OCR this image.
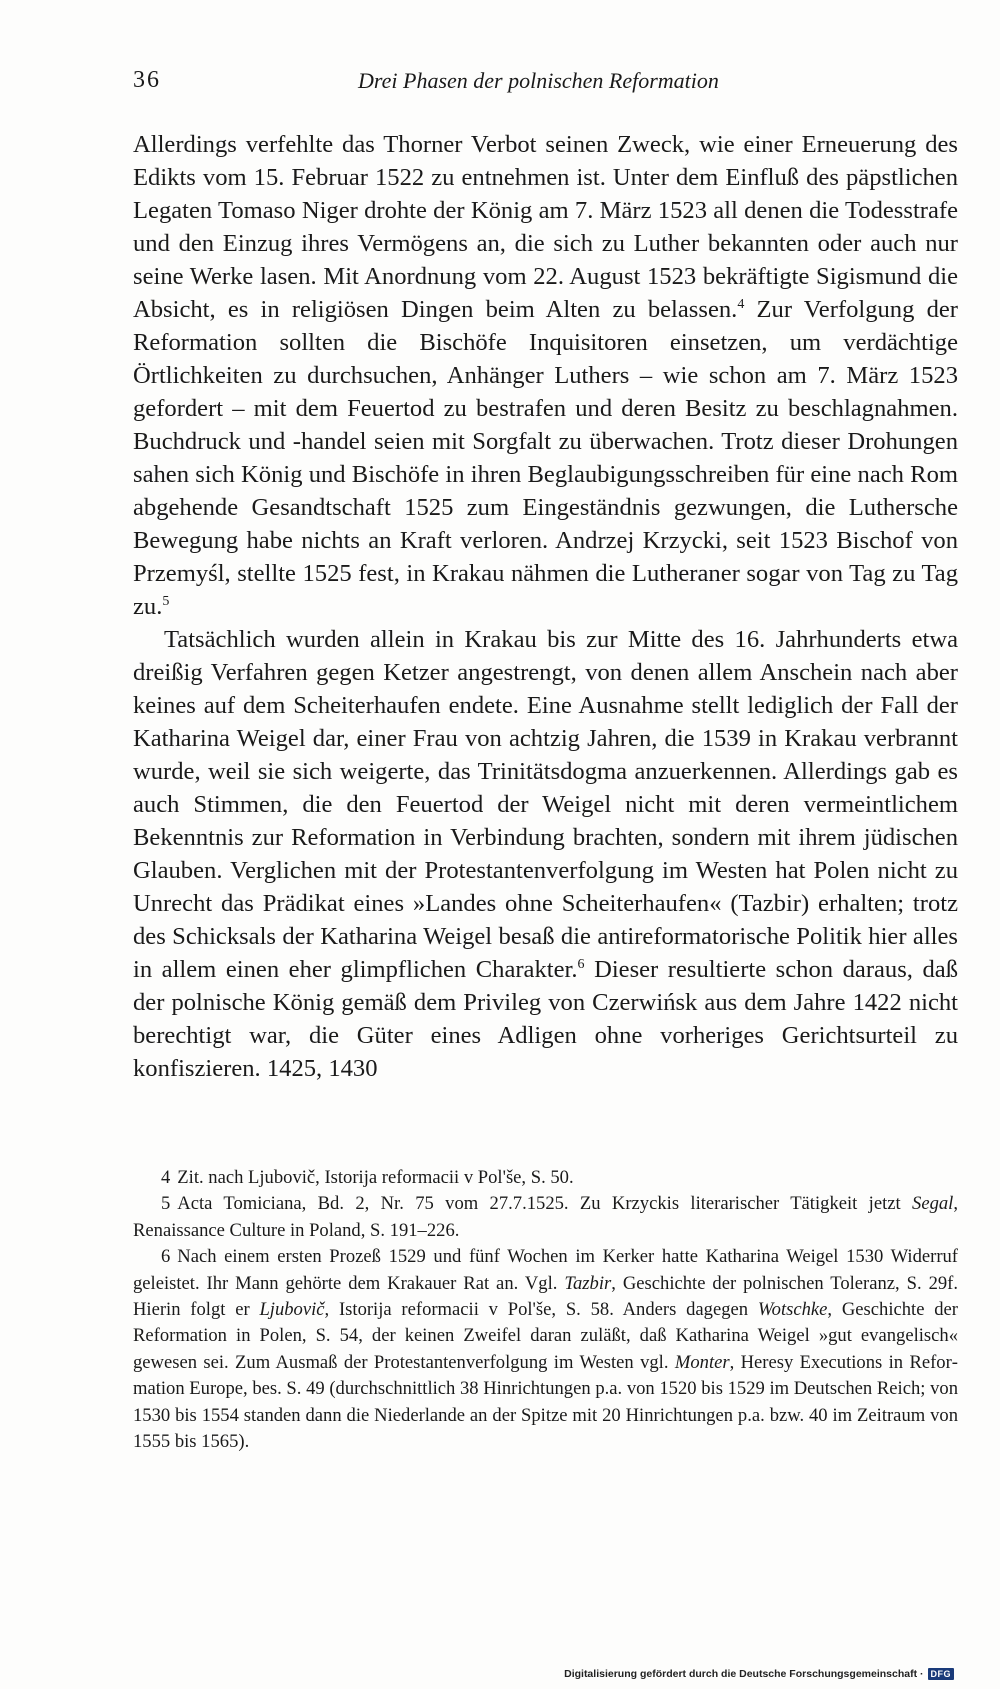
36	Drei Phasen der polnischen Reformation

Allerdings verfehlte das Thorner Verbot seinen Zweck, wie einer Erneuerung des Edikts vom 15. Februar 1522 zu entnehmen ist. Unter dem Einfluß des päpstlichen Legaten Tomaso Niger drohte der König am 7. März 1523 all denen die Todesstrafe und den Einzug ihres Vermögens an, die sich zu Luther bekannten oder auch nur seine Werke lasen. Mit Anordnung vom 22. August 1523 bekräftigte Sigismund die Absicht, es in religiösen Dingen beim Alten zu belassen.$^4$ Zur Verfolgung der Reformation sollten die Bischöfe Inquisitoren einsetzen, um verdächtige Örtlichkeiten zu durchsuchen, Anhänger Luthers – wie schon am 7. März 1523 gefordert – mit dem Feuertod zu bestrafen und deren Besitz zu beschlagnahmen. Buchdruck und -handel seien mit Sorgfalt zu überwachen. Trotz dieser Drohungen sahen sich König und Bischöfe in ihren Beglaubigungsschreiben für eine nach Rom abgehende Gesandtschaft 1525 zum Eingeständnis gezwungen, die Luthersche Bewegung habe nichts an Kraft verloren. Andrzej Krzycki, seit 1523 Bischof von Przemyśl, stellte 1525 fest, in Krakau nähmen die Lutheraner sogar von Tag zu Tag zu.$^5$

Tatsächlich wurden allein in Krakau bis zur Mitte des 16. Jahrhunderts etwa dreißig Verfahren gegen Ketzer angestrengt, von denen allem Anschein nach aber keines auf dem Scheiterhaufen endete. Eine Ausnahme stellt lediglich der Fall der Katharina Weigel dar, einer Frau von achtzig Jahren, die 1539 in Krakau verbrannt wurde, weil sie sich weigerte, das Trinitätsdogma anzuerkennen. Allerdings gab es auch Stimmen, die den Feuertod der Weigel nicht mit deren vermeintlichem Bekenntnis zur Reformation in Verbindung brachten, sondern mit ihrem jüdischen Glauben. Verglichen mit der Protestantenverfolgung im Westen hat Polen nicht zu Unrecht das Prädikat eines »Landes ohne Scheiterhaufen« (Tazbir) erhalten; trotz des Schicksals der Katharina Weigel besaß die antireformatorische Politik hier alles in allem einen eher glimpflichen Charakter.$^6$ Dieser resultierte schon daraus, daß der polnische König gemäß dem Privileg von Czerwińsk aus dem Jahre 1422 nicht berechtigt war, die Güter eines Adligen ohne vorheriges Gerichtsurteil zu konfiszieren. 1425, 1430

4 Zit. nach Ljubovič, Istorija reformacii v Pol'še, S. 50.

5 Acta Tomiciana, Bd. 2, Nr. 75 vom 27.7.1525. Zu Krzyckis literarischer Tätigkeit jetzt Segal, Renaissance Culture in Poland, S. 191–226.

6 Nach einem ersten Prozeß 1529 und fünf Wochen im Kerker hatte Katharina Weigel 1530 Widerruf geleistet. Ihr Mann gehörte dem Krakauer Rat an. Vgl. Tazbir, Geschichte der polnischen Toleranz, S. 29f. Hierin folgt er Ljubovič, Istorija reformacii v Pol'še, S. 58. Anders dagegen Wotschke, Geschichte der Reformation in Polen, S. 54, der keinen Zweifel daran zuläßt, daß Katharina Weigel »gut evangelisch« gewesen sei. Zum Ausmaß der Protestantenverfolgung im Westen vgl. Monter, Heresy Executions in Reformation Europe, bes. S. 49 (durchschnittlich 38 Hinrichtungen p.a. von 1520 bis 1529 im Deutschen Reich; von 1530 bis 1554 standen dann die Niederlande an der Spitze mit 20 Hinrichtungen p.a. bzw. 40 im Zeitraum von 1555 bis 1565).

Digitalisierung gefördert durch die Deutsche Forschungsgemeinschaft · DFG
